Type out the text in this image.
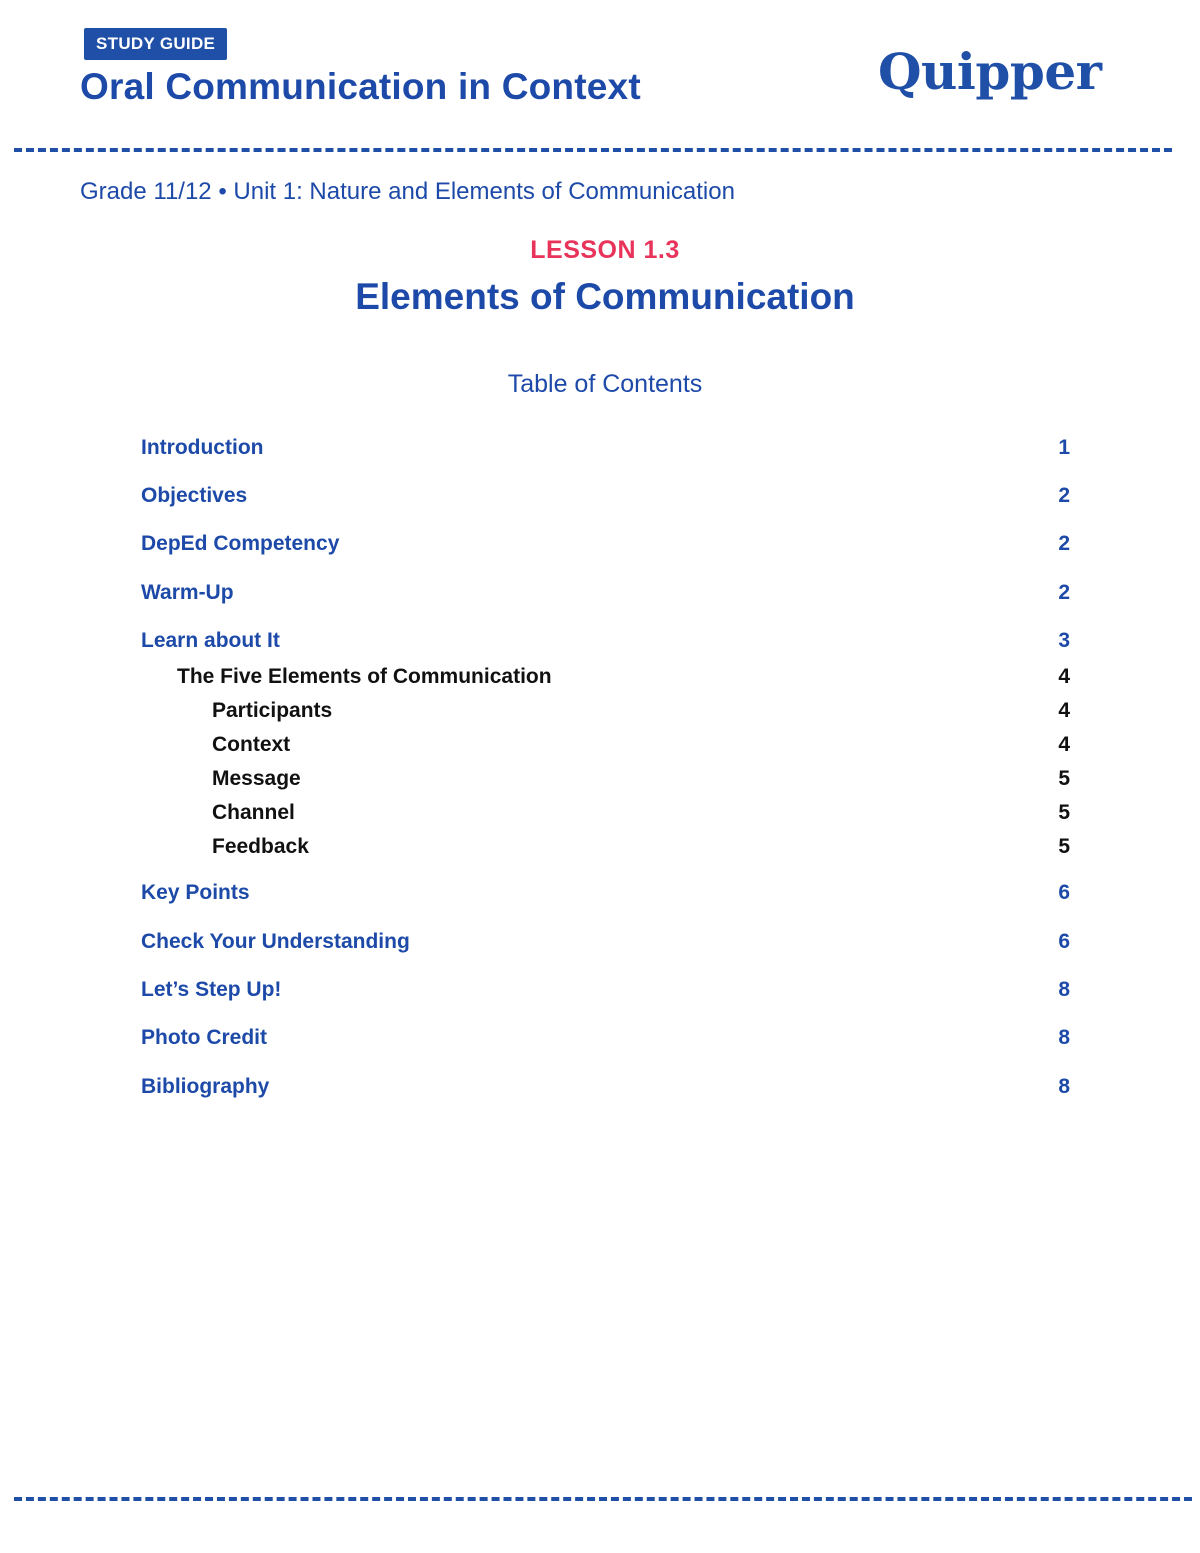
STUDY GUIDE
Oral Communication in Context	Quipper
Grade 11/12 • Unit 1: Nature and Elements of Communication
LESSON 1.3
Elements of Communication
Table of Contents
Introduction	1
Objectives	2
DepEd Competency	2
Warm-Up	2
Learn about It	3
The Five Elements of Communication	4
Participants	4
Context	4
Message	5
Channel	5
Feedback	5
Key Points	6
Check Your Understanding	6
Let’s Step Up!	8
Photo Credit	8
Bibliography	8
